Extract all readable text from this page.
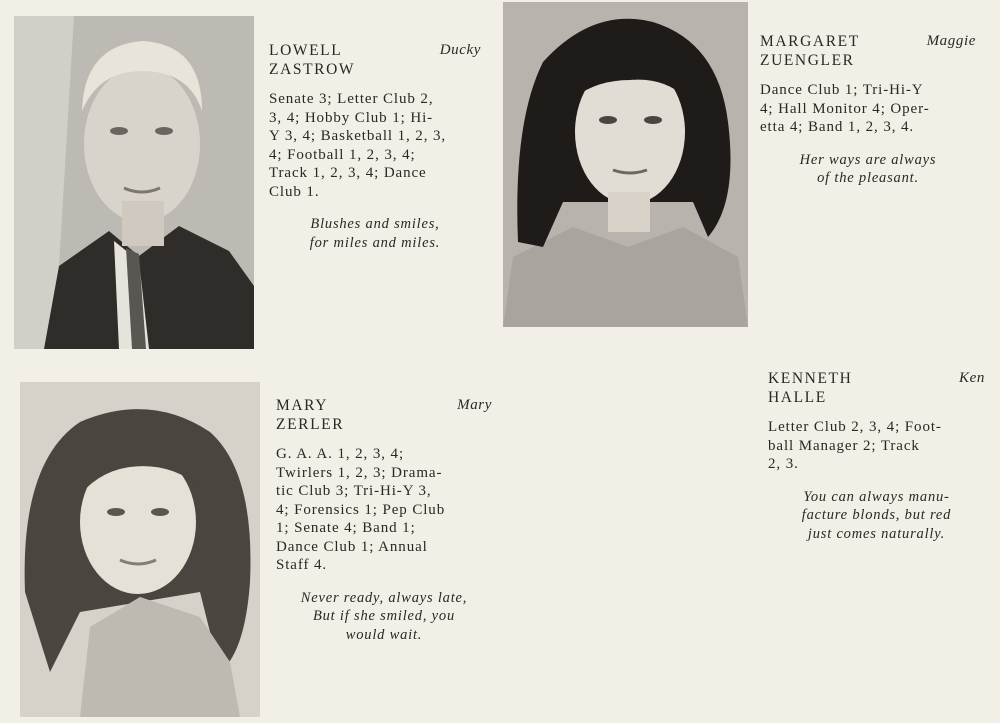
LOWELL
ZASTROW
Ducky
Senate 3; Letter Club 2,
3, 4; Hobby Club 1; Hi-
Y 3, 4; Basketball 1, 2, 3,
4; Football 1, 2, 3, 4;
Track 1, 2, 3, 4; Dance
Club 1.
Blushes and smiles,
for miles and miles.
MARGARET
ZUENGLER
Maggie
Dance Club 1; Tri-Hi-Y
4; Hall Monitor 4; Oper-
etta 4; Band 1, 2, 3, 4.
Her ways are always
of the pleasant.
MARY
ZERLER
Mary
G. A. A. 1, 2, 3, 4;
Twirlers 1, 2, 3; Drama-
tic Club 3; Tri-Hi-Y 3,
4; Forensics 1; Pep Club
1; Senate 4; Band 1;
Dance Club 1; Annual
Staff 4.
Never ready, always late,
But if she smiled, you
would wait.
KENNETH
HALLE
Ken
Letter Club 2, 3, 4; Foot-
ball Manager 2; Track
2, 3.
You can always manu-
facture blonds, but red
just comes naturally.
